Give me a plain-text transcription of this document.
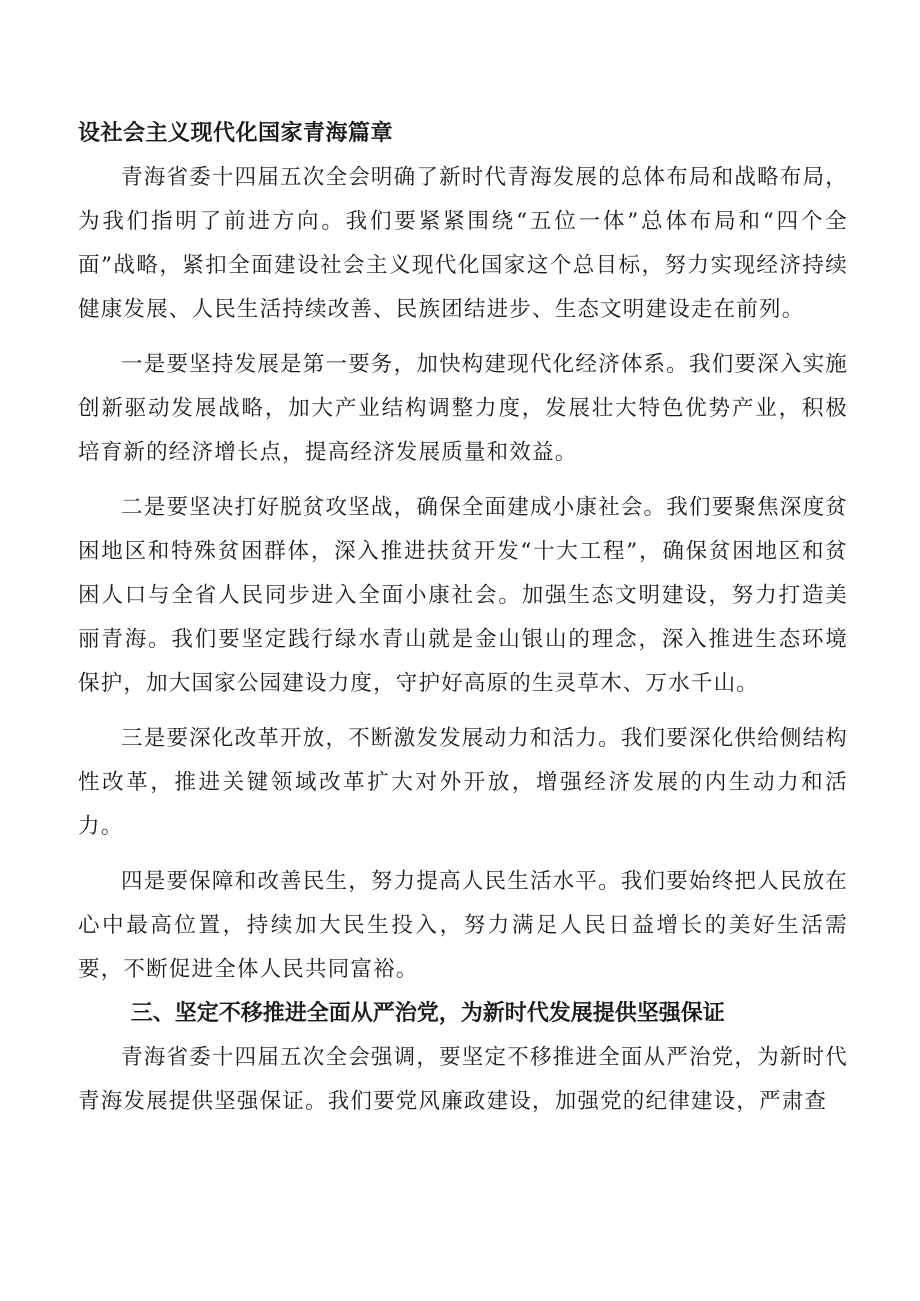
设社会主义现代化国家青海篇章

青海省委十四届五次全会明确了新时代青海发展的总体布局和战略布局，为我们指明了前进方向。我们要紧紧围绕“五位一体”总体布局和“四个全面”战略，紧扣全面建设社会主义现代化国家这个总目标，努力实现经济持续健康发展、人民生活持续改善、民族团结进步、生态文明建设走在前列。

一是要坚持发展是第一要务，加快构建现代化经济体系。我们要深入实施创新驱动发展战略，加大产业结构调整力度，发展壮大特色优势产业，积极培育新的经济增长点，提高经济发展质量和效益。

二是要坚决打好脱贫攻坚战，确保全面建成小康社会。我们要聚焦深度贫困地区和特殊贫困群体，深入推进扶贫开发“十大工程”，确保贫困地区和贫困人口与全省人民同步进入全面小康社会。加强生态文明建设，努力打造美丽青海。我们要坚定践行绿水青山就是金山银山的理念，深入推进生态环境保护，加大国家公园建设力度，守护好高原的生灵草木、万水千山。

三是要深化改革开放，不断激发发展动力和活力。我们要深化供给侧结构性改革，推进关键领域改革扩大对外开放，增强经济发展的内生动力和活力。

四是要保障和改善民生，努力提高人民生活水平。我们要始终把人民放在心中最高位置，持续加大民生投入，努力满足人民日益增长的美好生活需要，不断促进全体人民共同富裕。

三、坚定不移推进全面从严治党，为新时代发展提供坚强保证

青海省委十四届五次全会强调，要坚定不移推进全面从严治党，为新时代青海发展提供坚强保证。我们要党风廉政建设，加强党的纪律建设，严肃查
